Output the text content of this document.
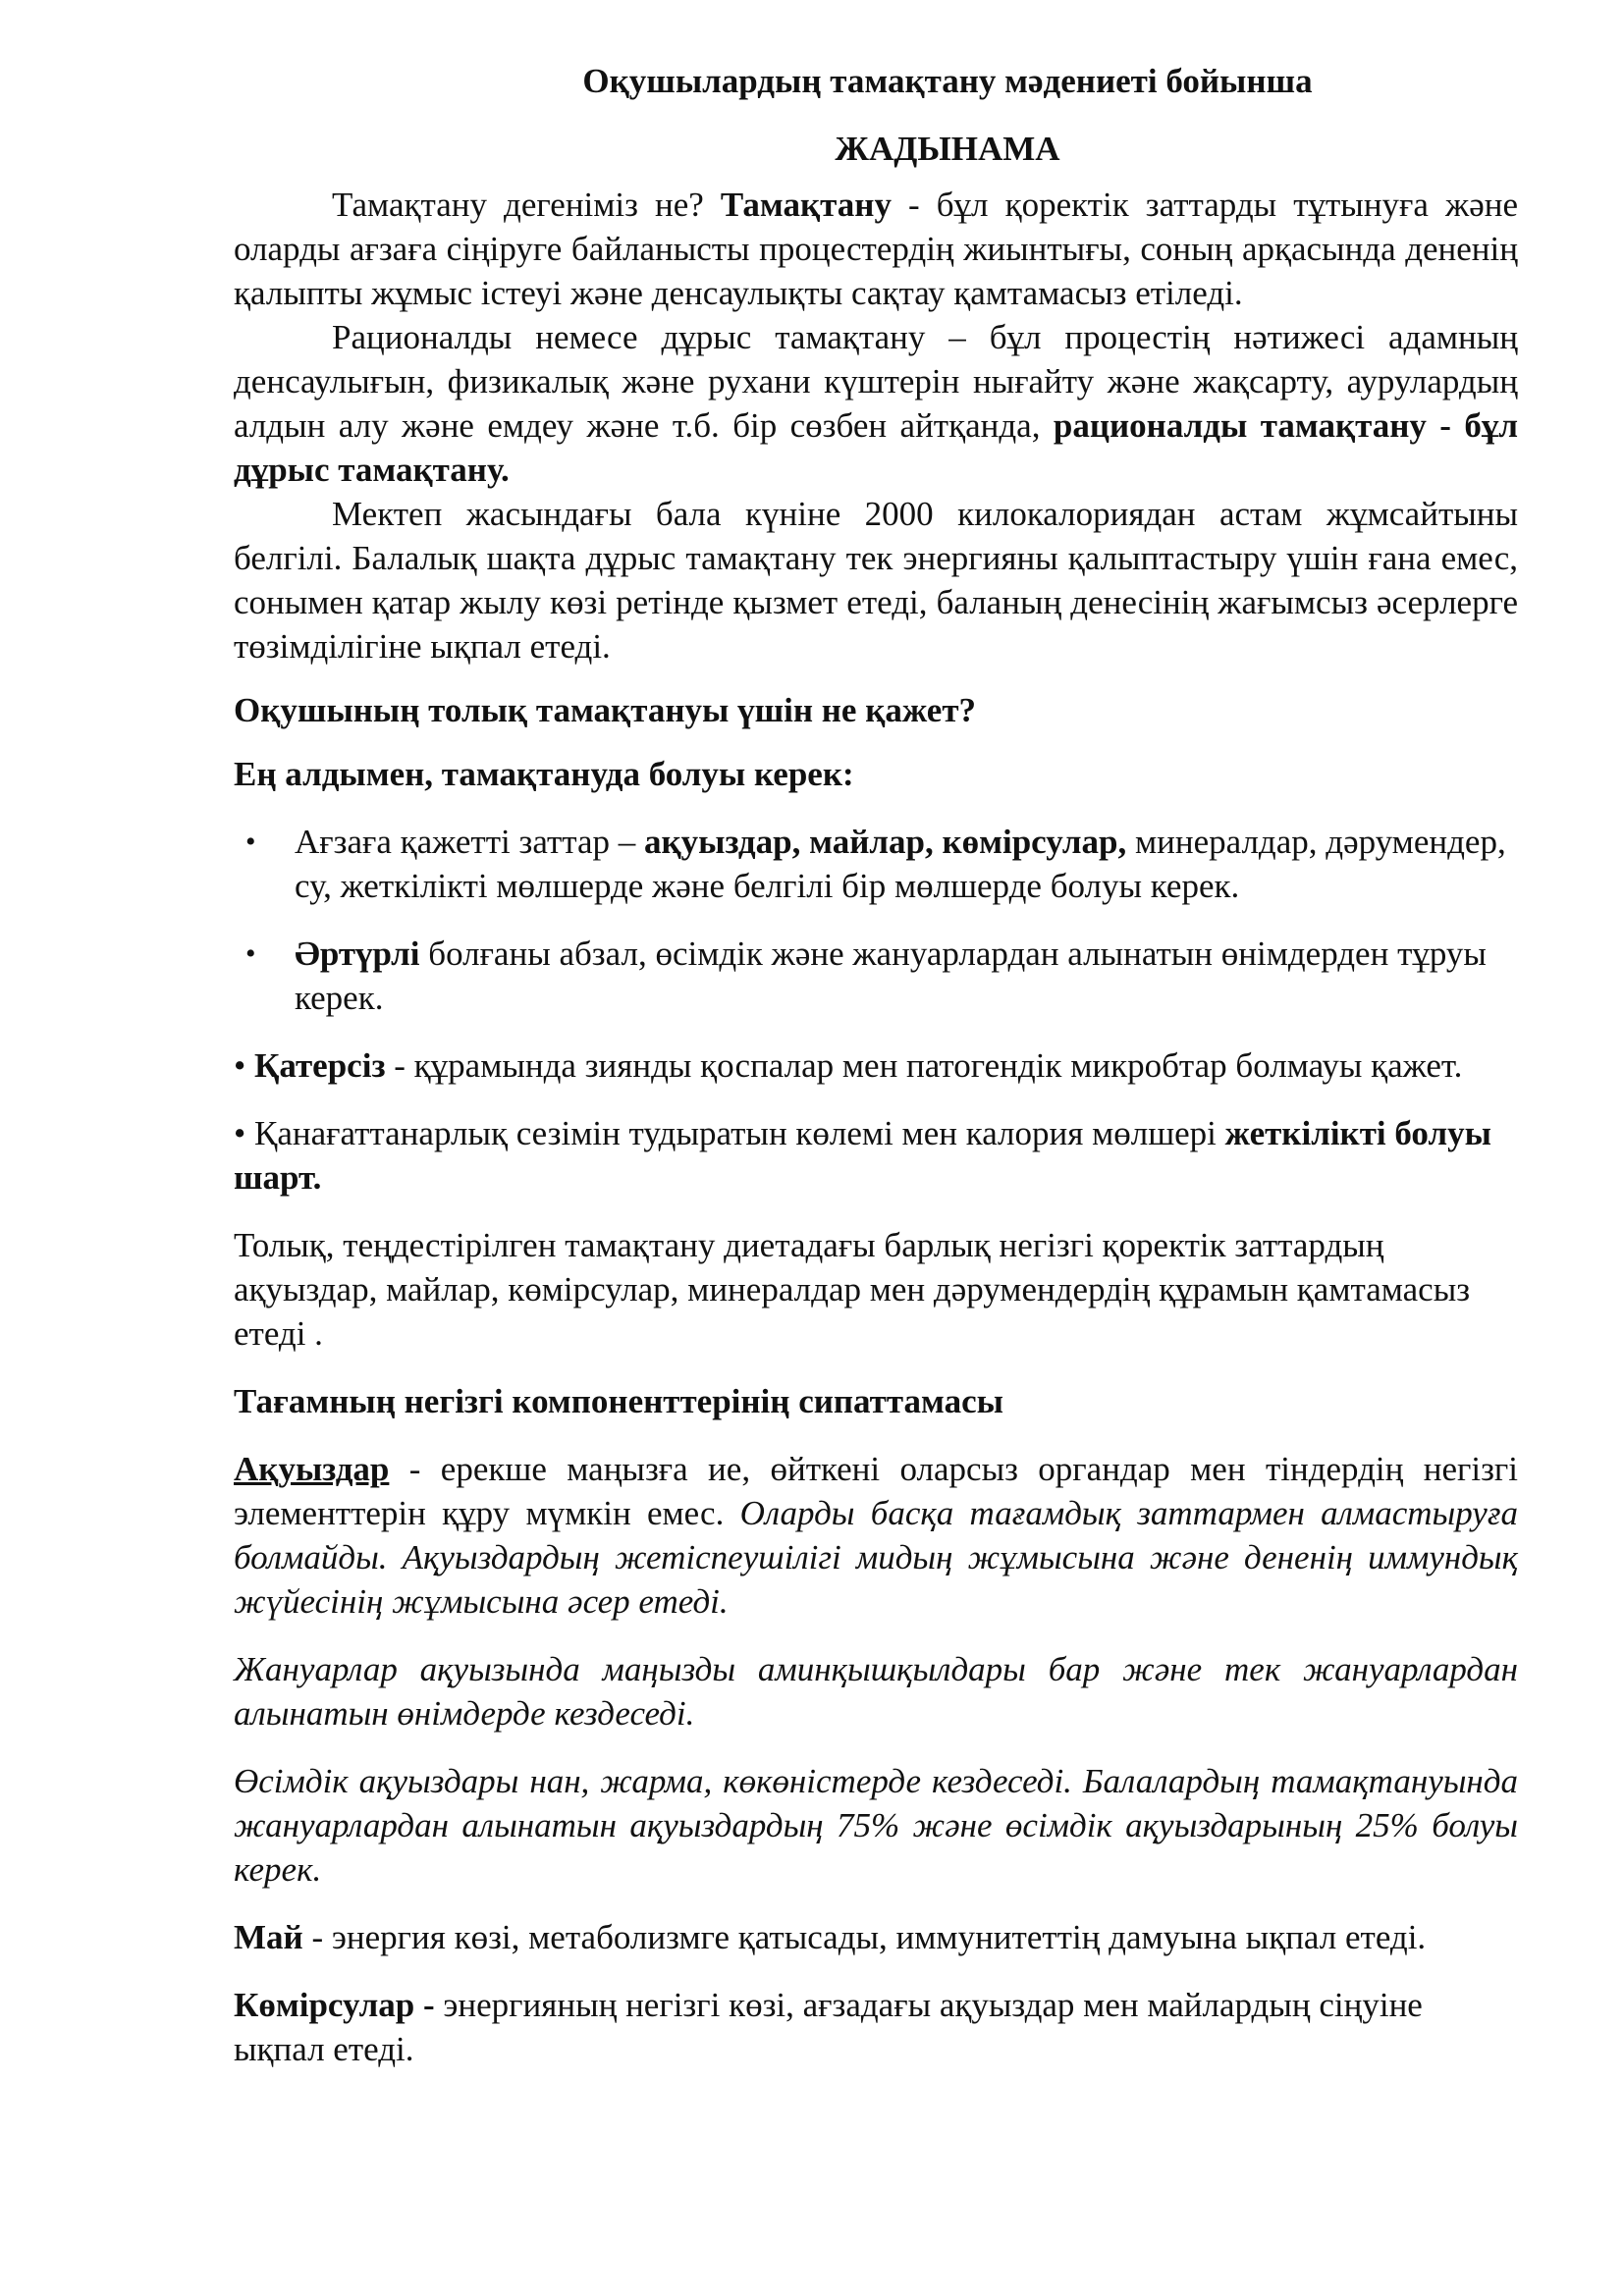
Оқушылардың тамақтану мәдениеті бойынша

ЖАДЫНАМА

Тамақтану дегеніміз не? Тамақтану - бұл қоректік заттарды тұтынуға және оларды ағзаға сіңіруге байланысты процестердің жиынтығы, соның арқасында дененің қалыпты жұмыс істеуі және денсаулықты сақтау қамтамасыз етіледі.

Рационалды немесе дұрыс тамақтану – бұл процестің нәтижесі адамның денсаулығын, физикалық және рухани күштерін нығайту және жақсарту, аурулардың алдын алу және емдеу және т.б. бір сөзбен айтқанда, рационалды тамақтану - бұл дұрыс тамақтану.

Мектеп жасындағы бала күніне 2000 килокалориядан астам жұмсайтыны белгілі. Балалық шақта дұрыс тамақтану тек энергияны қалыптастыру үшін ғана емес, сонымен қатар жылу көзі ретінде қызмет етеді, баланың денесінің жағымсыз әсерлерге төзімділігіне ықпал етеді.

Оқушының толық тамақтануы үшін не қажет?

Ең алдымен, тамақтануда болуы керек:

• Ағзаға қажетті заттар – ақуыздар, майлар, көмірсулар, минералдар, дәрумендер, су, жеткілікті мөлшерде және белгілі бір мөлшерде болуы керек.
• Әртүрлі болғаны абзал, өсімдік және жануарлардан алынатын өнімдерден тұруы керек.

• Қатерсіз - құрамында зиянды қоспалар мен патогендік микробтар болмауы қажет.

• Қанағаттанарлық сезімін тудыратын көлемі мен калория мөлшері жеткілікті болуы шарт.

Толық, теңдестірілген тамақтану диетадағы барлық негізгі қоректік заттардың ақуыздар, майлар, көмірсулар, минералдар мен дәрумендердің құрамын қамтамасыз етеді .

Тағамның негізгі компоненттерінің сипаттамасы

Ақуыздар - ерекше маңызға ие, өйткені оларсыз органдар мен тіндердің негізгі элементтерін құру мүмкін емес. Оларды басқа тағамдық заттармен алмастыруға болмайды. Ақуыздардың жетіспеушілігі мидың жұмысына және дененің иммундық жүйесінің жұмысына әсер етеді.

Жануарлар ақуызында маңызды аминқышқылдары бар және тек жануарлардан алынатын өнімдерде кездеседі.

Өсімдік ақуыздары нан, жарма, көкөністерде кездеседі. Балалардың тамақтануында жануарлардан алынатын ақуыздардың 75% және өсімдік ақуыздарының 25% болуы керек.

Май - энергия көзі, метаболизмге қатысады, иммунитеттің дамуына ықпал етеді.

Көмірсулар - энергияның негізгі көзі, ағзадағы ақуыздар мен майлардың сіңуіне ықпал етеді.
